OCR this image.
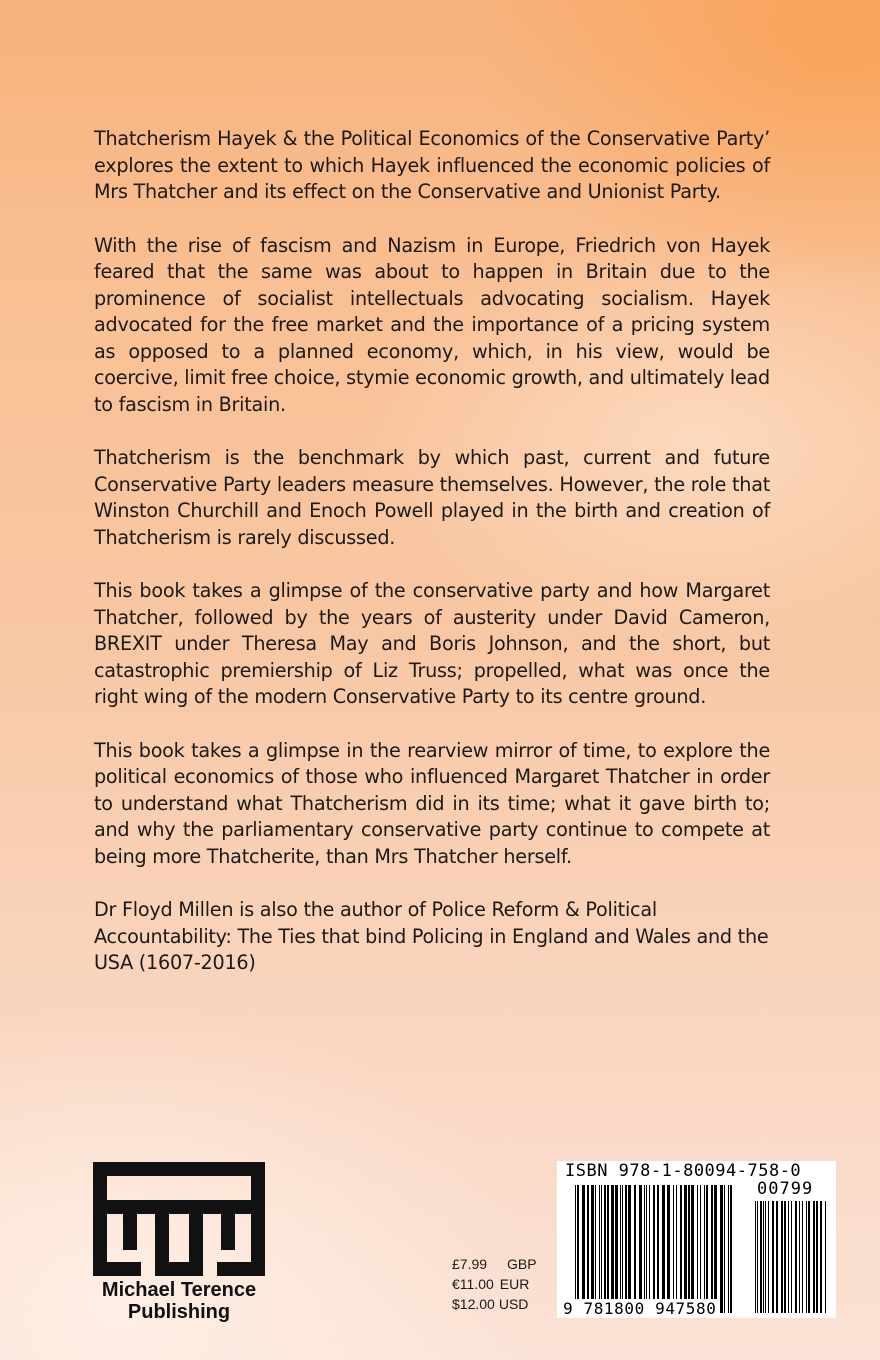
Thatcherism Hayek & the Political Economics of the Conservative Party’ explores the extent to which Hayek influenced the economic policies of Mrs Thatcher and its effect on the Conservative and Unionist Party.

With the rise of fascism and Nazism in Europe, Friedrich von Hayek feared that the same was about to happen in Britain due to the prominence of socialist intellectuals advocating socialism. Hayek advocated for the free market and the importance of a pricing system as opposed to a planned economy, which, in his view, would be coercive, limit free choice, stymie economic growth, and ultimately lead to fascism in Britain.

Thatcherism is the benchmark by which past, current and future Conservative Party leaders measure themselves. However, the role that Winston Churchill and Enoch Powell played in the birth and creation of Thatcherism is rarely discussed.

This book takes a glimpse of the conservative party and how Margaret Thatcher, followed by the years of austerity under David Cameron, BREXIT under Theresa May and Boris Johnson, and the short, but catastrophic premiership of Liz Truss; propelled, what was once the right wing of the modern Conservative Party to its centre ground.

This book takes a glimpse in the rearview mirror of time, to explore the political economics of those who influenced Margaret Thatcher in order to understand what Thatcherism did in its time; what it gave birth to; and why the parliamentary conservative party continue to compete at being more Thatcherite, than Mrs Thatcher herself.

Dr Floyd Millen is also the author of Police Reform & Political Accountability: The Ties that bind Policing in England and Wales and the USA (1607-2016)

Michael Terence
Publishing
£7.99 GBP
€11.00 EUR
$12.00 USD
ISBN 978-1-80094-758-0
00799
9 781800 947580
